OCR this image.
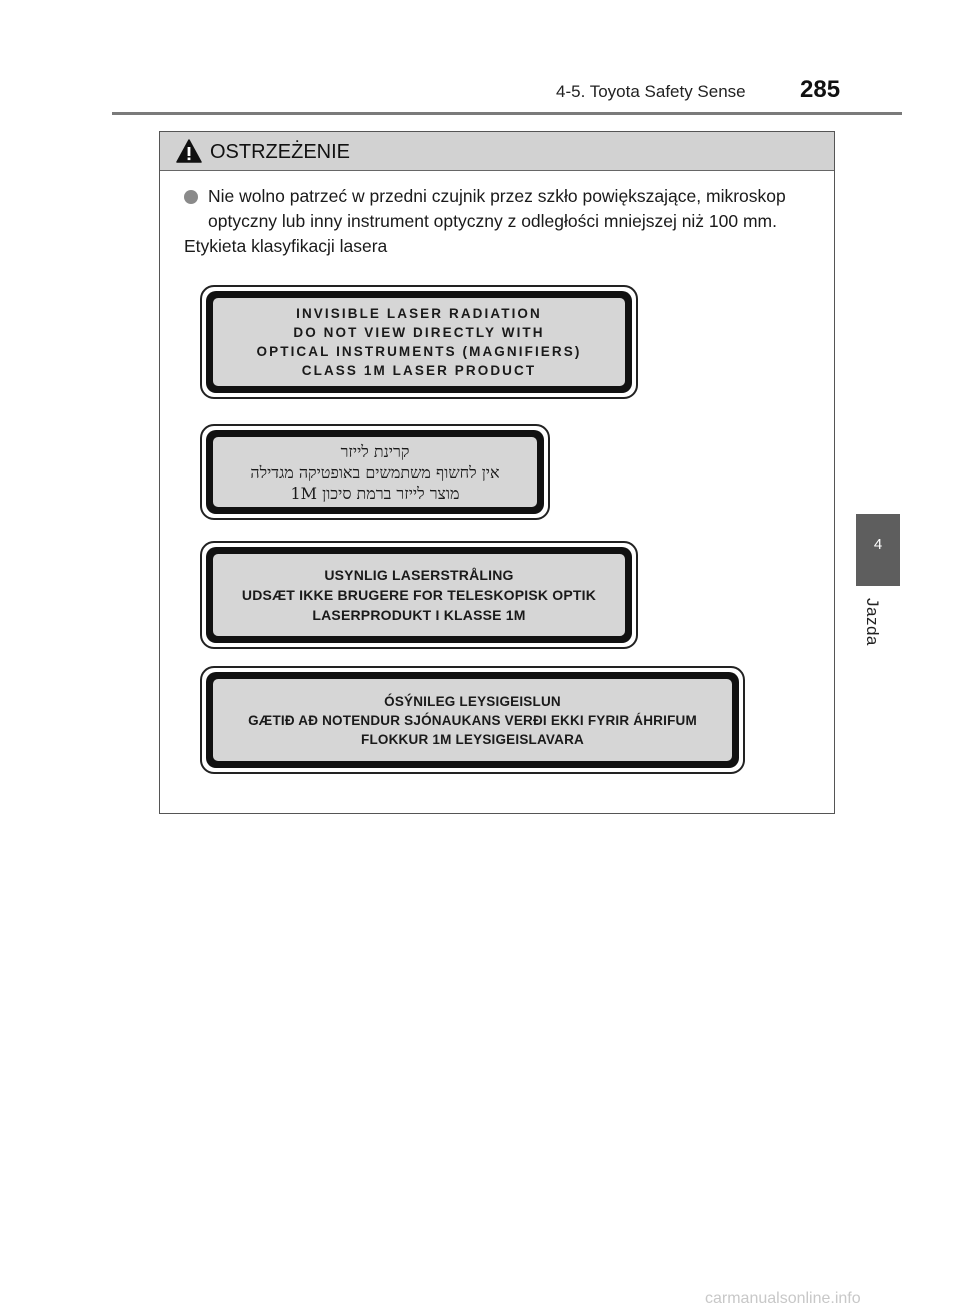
4-5. Toyota Safety Sense 285
4
Jazda
OSTRZEŻENIE
Nie wolno patrzeć w przedni czujnik przez szkło powiększające, mikroskop
optyczny lub inny instrument optyczny z odległości mniejszej niż 100 mm.
Etykieta klasyfikacji lasera
INVISIBLE LASER RADIATION
DO NOT VIEW DIRECTLY WITH
OPTICAL INSTRUMENTS (MAGNIFIERS)
CLASS 1M LASER PRODUCT
קרינת לייזר
אין לחשוף משתמשים באופטיקה מגדילה
מוצר לייזר ברמת סיכון 1M
USYNLIG LASERSTRÅLING
UDSÆT IKKE BRUGERE FOR TELESKOPISK OPTIK
LASERPRODUKT I KLASSE 1M
ÓSÝNILEG LEYSIGEISLUN
GÆTIÐ AÐ NOTENDUR SJÓNAUKANS VERÐI EKKI FYRIR ÁHRIFUM
FLOKKUR 1M LEYSIGEISLAVARA
carmanualsonline.info
